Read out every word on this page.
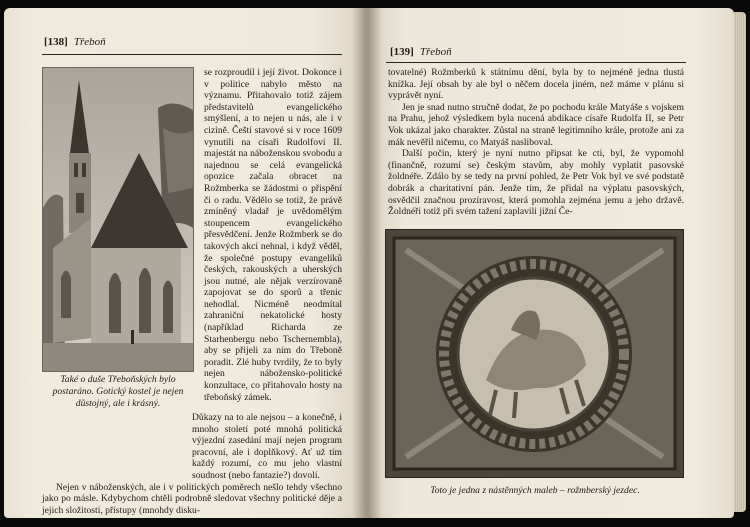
[138] Třeboň
Také o duše Třeboňských bylo postaráno. Gotický kostel je nejen důstojný, ale i krásný.

se rozproudil i její život. Dokonce i v politice nabylo město na významu. Přitahovalo totiž zájem představitelů evangelického smýšlení, a to nejen u nás, ale i v cizině. Čeští stavové si v roce 1609 vynutili na císaři Rudolfovi II. majestát na náboženskou svobodu a najednou se celá evangelická opozice začala obracet na Rožmberka se žádostmi o přispění či o radu. Vědělo se totiž, že právě zmíněný vladař je uvědomělým stoupencem evangelického přesvědčení. Jenže Rožmberk se do takových akcí nehnal, i když věděl, že společné postupy evangelíků českých, rakouských a uherských jsou nutné, ale nějak verzírovaně zapojovat se do sporů a třenic nehodlal. Nicméně neodmítal zahraniční nekatolické hosty (například Richarda ze Starhenbergu nebo Tschernembla), aby se přijeli za ním do Třeboně poradit. Zlé huby tvrdily, že to byly nejen nábožensko-politické konzultace, co přitahovalo hosty na třeboňský zámek.

Důkazy na to ale nejsou – a konečně, i mnoho století poté mnohá politická výjezdní zasedání mají nejen program pracovní, ale i doplňkový. Ať už tím každý rozumí, co mu jeho vlastní soudnost (nebo fantazie?) dovolí.

Nejen v náboženských, ale i v politických poměrech nešlo tehdy všechno jako po másle. Kdybychom chtěli podrobně sledovat všechny politické děje a jejich složitosti, přístupy (mnohdy disku-

[139] Třeboň

tovatelné) Rožmberků k státnímu dění, byla by to nejméně jedna tlustá knížka. Její obsah by ale byl o něčem docela jiném, než máme v plánu si vyprávět nyní.

Jen je snad nutno stručně dodat, že po pochodu krále Matyáše s vojskem na Prahu, jehož výsledkem byla nucená abdikace císaře Rudolfa II, se Petr Vok ukázal jako charakter. Zůstal na straně legitimního krále, protože ani za mák nevěřil ničemu, co Matyáš nasliboval.

Další počin, který je nyní nutno připsat ke cti, byl, že vypomohl (finančně, rozumí se) českým stavům, aby mohly vyplatit pasovské žoldnéře. Zdálo by se tedy na první pohled, že Petr Vok byl ve své podstatě dobrák a charitativní pán. Jenže tím, že přidal na výplatu pasovských, osvědčil značnou prozíravost, která pomohla zejména jemu a jeho državě. Žoldnéři totiž při svém tažení zaplavili jižní Če-

Toto je jedna z nástěnných maleb – rožmberský jezdec.
